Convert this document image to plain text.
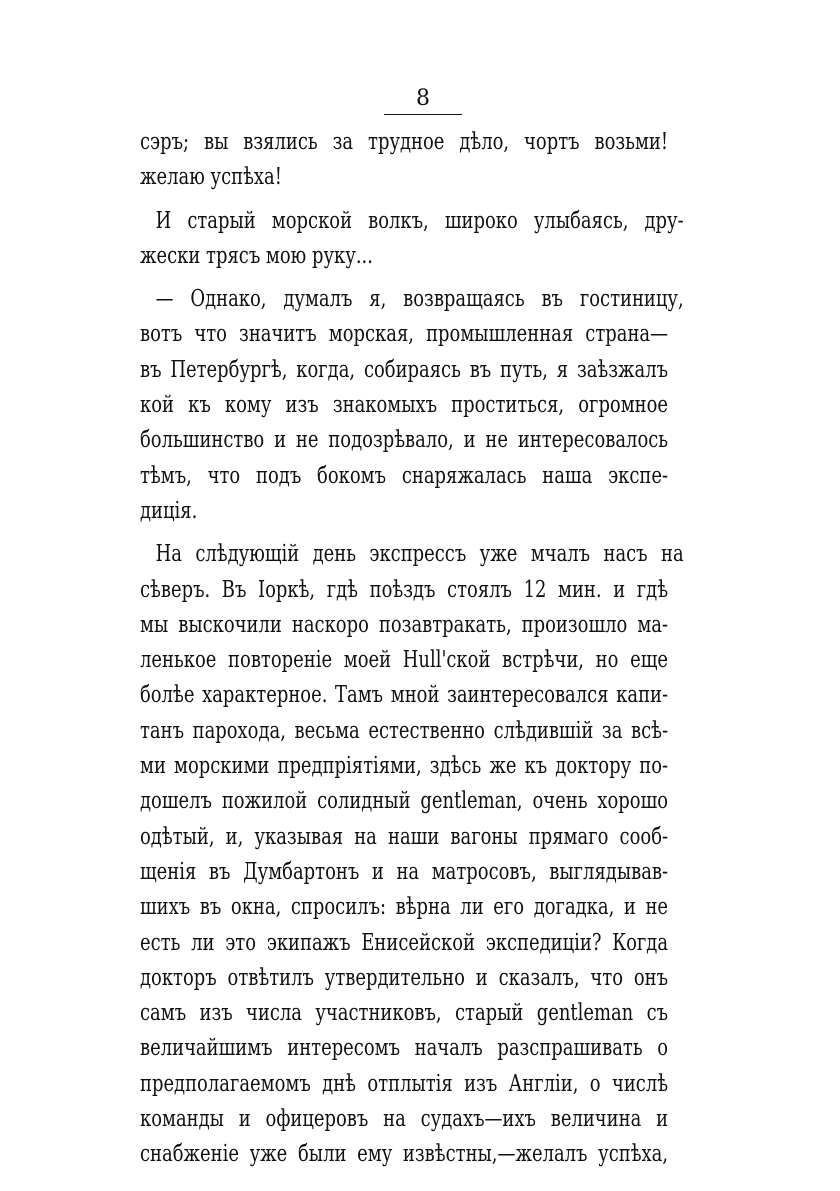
8
сэръ; вы взялись за трудное дѣло, чортъ возьми!
желаю успѣха!
И старый морской волкъ, широко улыбаясь, дру-
жески трясъ мою руку...
— Однако, думалъ я, возвращаясь въ гостиницу,
вотъ что значитъ морская, промышленная страна—
въ Петербургѣ, когда, собираясь въ путь, я заѣзжалъ
кой къ кому изъ знакомыхъ проститься, огромное
большинство и не подозрѣвало, и не интересовалось
тѣмъ, что подъ бокомъ снаряжалась наша экспе-
диція.
На слѣдующій день экспрессъ уже мчалъ насъ на
сѣверъ. Въ Іоркѣ, гдѣ поѣздъ стоялъ 12 мин. и гдѣ
мы выскочили наскоро позавтракать, произошло ма-
ленькое повтореніе моей Hull'ской встрѣчи, но еще
болѣе характерное. Тамъ мной заинтересовался капи-
танъ парохода, весьма естественно слѣдившій за всѣ-
ми морскими предпріятіями, здѣсь же къ доктору по-
дошелъ пожилой солидный gentleman, очень хорошо
одѣтый, и, указывая на наши вагоны прямаго сооб-
щенія въ Думбартонъ и на матросовъ, выглядывав-
шихъ въ окна, спросилъ: вѣрна ли его догадка, и не
есть ли это экипажъ Енисейской экспедиціи? Когда
докторъ отвѣтилъ утвердительно и сказалъ, что онъ
самъ изъ числа участниковъ, старый gentleman съ
величайшимъ интересомъ началъ разспрашивать о
предполагаемомъ днѣ отплытія изъ Англіи, о числѣ
команды и офицеровъ на судахъ—ихъ величина и
снабженіе уже были ему извѣстны,—желалъ успѣха,
